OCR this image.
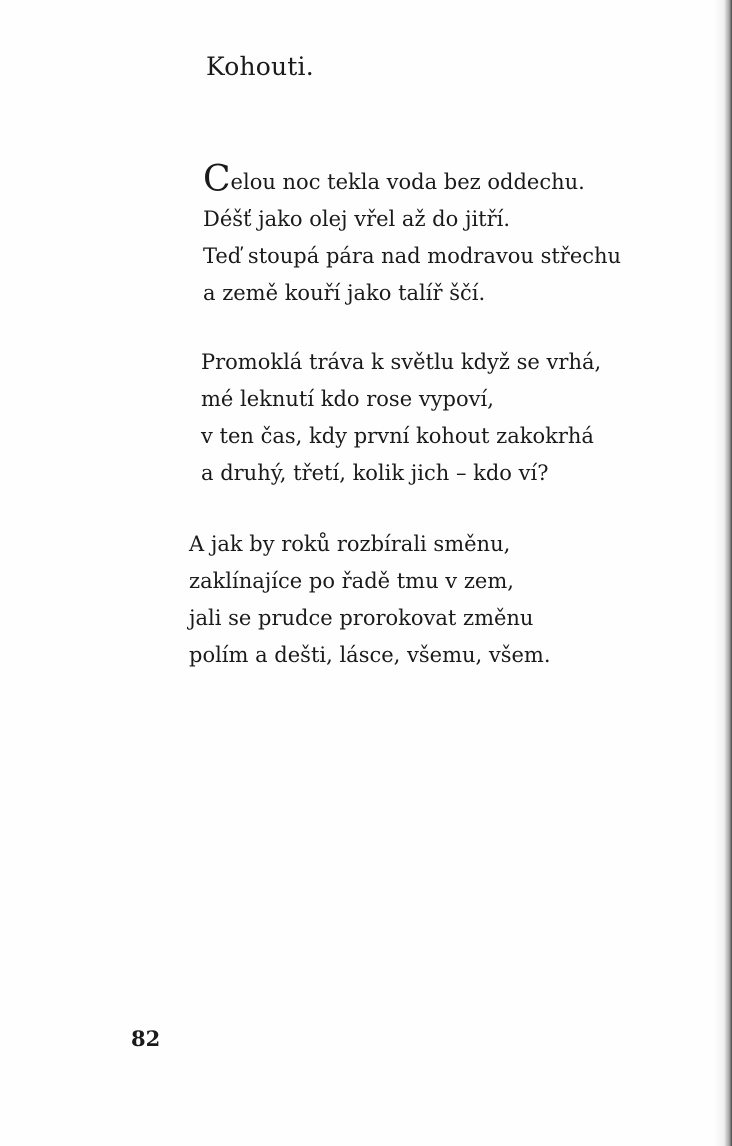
Kohouti.
Celou noc tekla voda bez oddechu.
Déšť jako olej vřel až do jitří.
Teď stoupá pára nad modravou střechu
a země kouří jako talíř ščí.
Promoklá tráva k světlu když se vrhá,
mé leknutí kdo rose vypoví,
v ten čas, kdy první kohout zakokrhá
a druhý, třetí, kolik jich – kdo ví?
A jak by roků rozbírali směnu,
zaklínajíce po řadě tmu v zem,
jali se prudce prorokovat změnu
polím a dešti, lásce, všemu, všem.
82
